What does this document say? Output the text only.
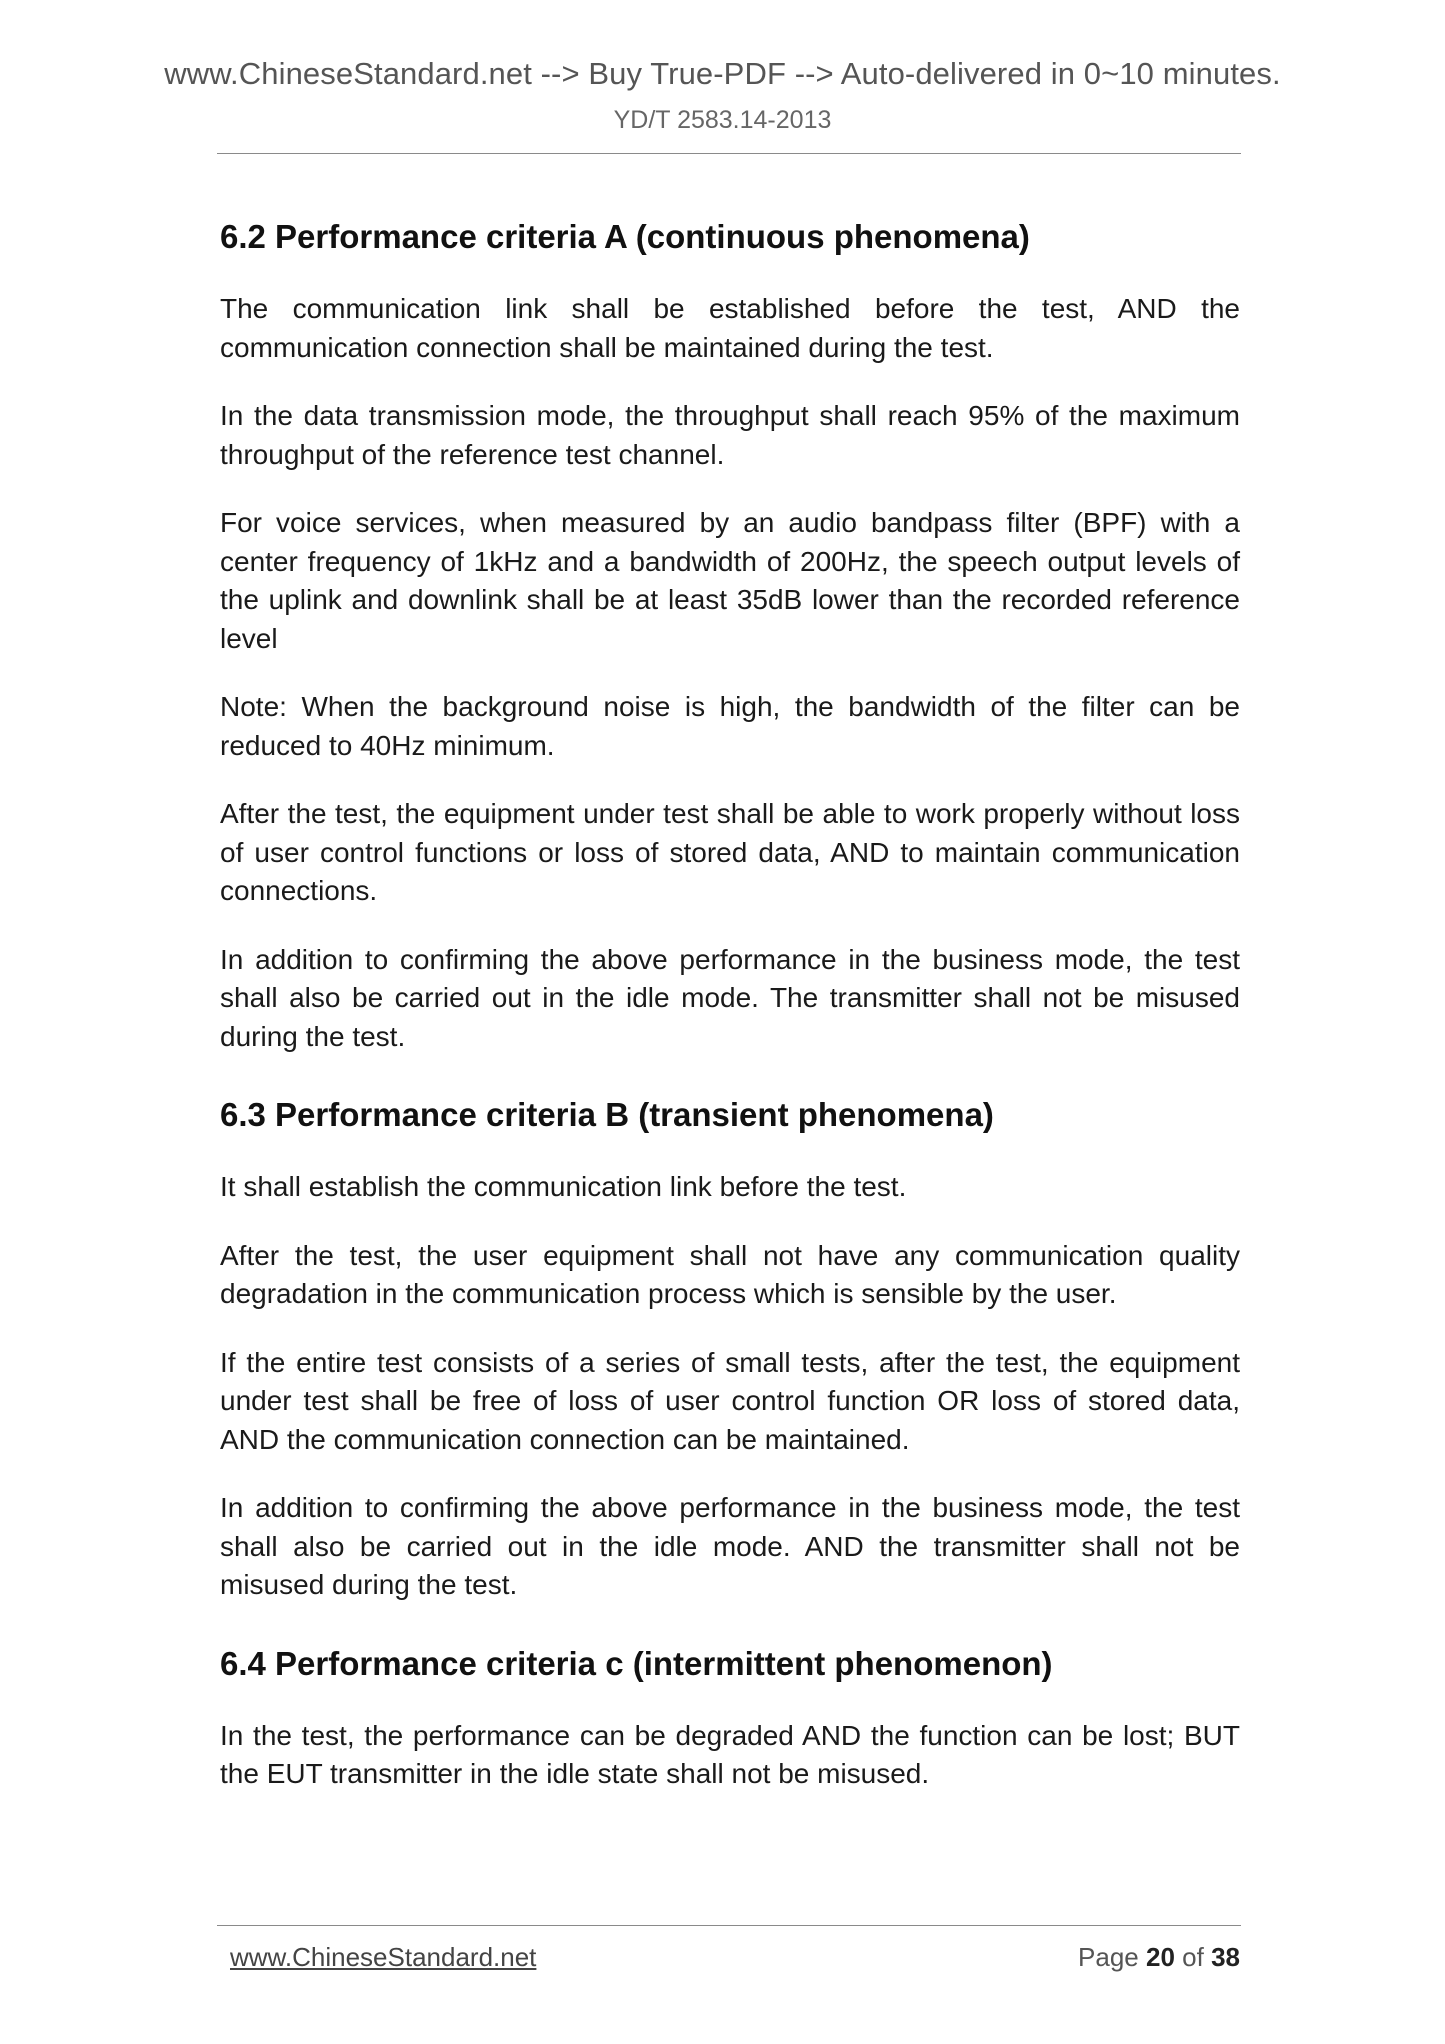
www.ChineseStandard.net --> Buy True-PDF --> Auto-delivered in 0~10 minutes.
YD/T 2583.14-2013
6.2 Performance criteria A (continuous phenomena)

The communication link shall be established before the test, AND the communication connection shall be maintained during the test.

In the data transmission mode, the throughput shall reach 95% of the maximum throughput of the reference test channel.

For voice services, when measured by an audio bandpass filter (BPF) with a center frequency of 1kHz and a bandwidth of 200Hz, the speech output levels of the uplink and downlink shall be at least 35dB lower than the recorded reference level

Note: When the background noise is high, the bandwidth of the filter can be reduced to 40Hz minimum.

After the test, the equipment under test shall be able to work properly without loss of user control functions or loss of stored data, AND to maintain communication connections.

In addition to confirming the above performance in the business mode, the test shall also be carried out in the idle mode. The transmitter shall not be misused during the test.

6.3 Performance criteria B (transient phenomena)

It shall establish the communication link before the test.

After the test, the user equipment shall not have any communication quality degradation in the communication process which is sensible by the user.

If the entire test consists of a series of small tests, after the test, the equipment under test shall be free of loss of user control function OR loss of stored data, AND the communication connection can be maintained.

In addition to confirming the above performance in the business mode, the test shall also be carried out in the idle mode. AND the transmitter shall not be misused during the test.

6.4 Performance criteria c (intermittent phenomenon)

In the test, the performance can be degraded AND the function can be lost; BUT the EUT transmitter in the idle state shall not be misused.

www.ChineseStandard.net	Page 20 of 38
